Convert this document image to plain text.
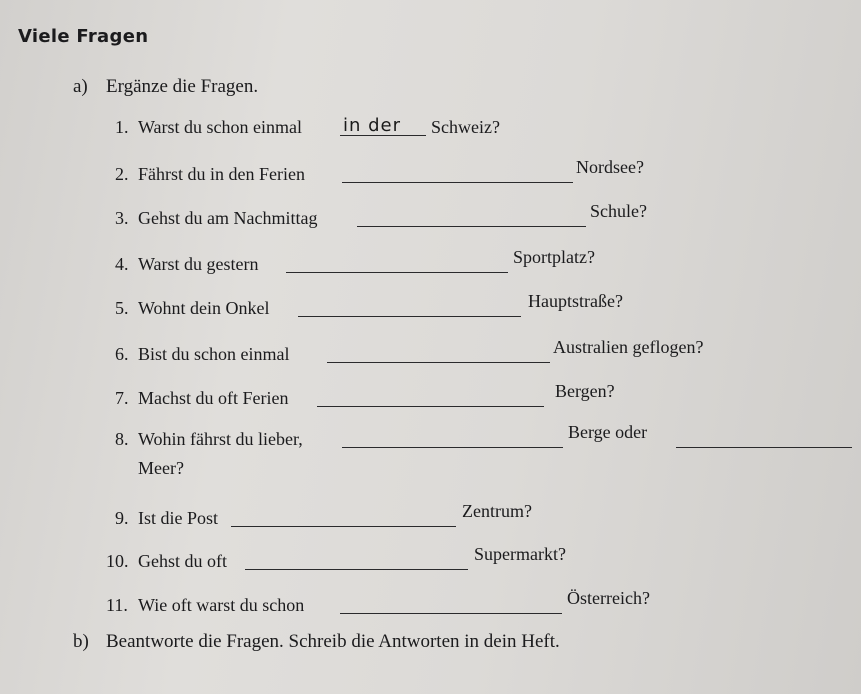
Viele Fragen
a) Ergänze die Fragen.
1. Warst du schon einmal in der Schweiz?
2. Fährst du in den Ferien	Nordsee?
3. Gehst du am Nachmittag	Schule?
4. Warst du gestern	Sportplatz?
5. Wohnt dein Onkel	Hauptstraße?
6. Bist du schon einmal	Australien geflogen?
7. Machst du oft Ferien	Bergen?
8. Wohin fährst du lieber,	Berge oder
Meer?
9. Ist die Post	Zentrum?
10. Gehst du oft	Supermarkt?
11. Wie oft warst du schon	Österreich?
b) Beantworte die Fragen. Schreib die Antworten in dein Heft.
